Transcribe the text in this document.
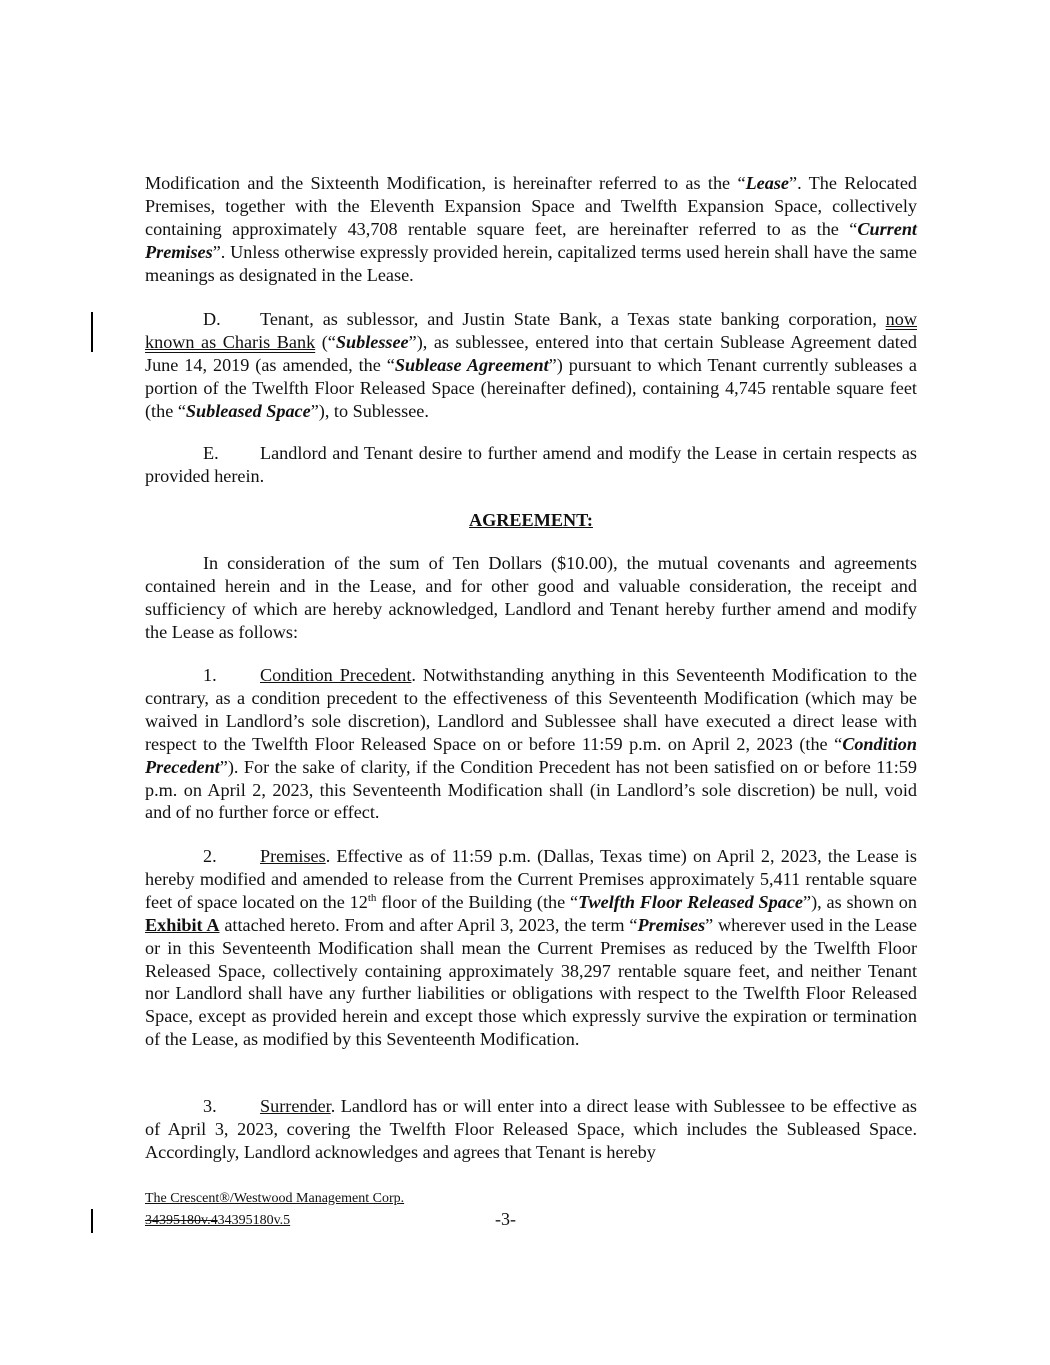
Modification and the Sixteenth Modification, is hereinafter referred to as the “Lease”. The Relocated Premises, together with the Eleventh Expansion Space and Twelfth Expansion Space, collectively containing approximately 43,708 rentable square feet, are hereinafter referred to as the “Current Premises”. Unless otherwise expressly provided herein, capitalized terms used herein shall have the same meanings as designated in the Lease.

D. Tenant, as sublessor, and Justin State Bank, a Texas state banking corporation, now known as Charis Bank (“Sublessee”), as sublessee, entered into that certain Sublease Agreement dated June 14, 2019 (as amended, the “Sublease Agreement”) pursuant to which Tenant currently subleases a portion of the Twelfth Floor Released Space (hereinafter defined), containing 4,745 rentable square feet (the “Subleased Space”), to Sublessee.

E. Landlord and Tenant desire to further amend and modify the Lease in certain respects as provided herein.

AGREEMENT:

In consideration of the sum of Ten Dollars ($10.00), the mutual covenants and agreements contained herein and in the Lease, and for other good and valuable consideration, the receipt and sufficiency of which are hereby acknowledged, Landlord and Tenant hereby further amend and modify the Lease as follows:

1. Condition Precedent. Notwithstanding anything in this Seventeenth Modification to the contrary, as a condition precedent to the effectiveness of this Seventeenth Modification (which may be waived in Landlord’s sole discretion), Landlord and Sublessee shall have executed a direct lease with respect to the Twelfth Floor Released Space on or before 11:59 p.m. on April 2, 2023 (the “Condition Precedent”). For the sake of clarity, if the Condition Precedent has not been satisfied on or before 11:59 p.m. on April 2, 2023, this Seventeenth Modification shall (in Landlord’s sole discretion) be null, void and of no further force or effect.

2. Premises. Effective as of 11:59 p.m. (Dallas, Texas time) on April 2, 2023, the Lease is hereby modified and amended to release from the Current Premises approximately 5,411 rentable square feet of space located on the 12th floor of the Building (the “Twelfth Floor Released Space”), as shown on Exhibit A attached hereto. From and after April 3, 2023, the term “Premises” wherever used in the Lease or in this Seventeenth Modification shall mean the Current Premises as reduced by the Twelfth Floor Released Space, collectively containing approximately 38,297 rentable square feet, and neither Tenant nor Landlord shall have any further liabilities or obligations with respect to the Twelfth Floor Released Space, except as provided herein and except those which expressly survive the expiration or termination of the Lease, as modified by this Seventeenth Modification.

3. Surrender. Landlord has or will enter into a direct lease with Sublessee to be effective as of April 3, 2023, covering the Twelfth Floor Released Space, which includes the Subleased Space. Accordingly, Landlord acknowledges and agrees that Tenant is hereby

The Crescent®/Westwood Management Corp.
34395180v.434395180v.5	-3-
